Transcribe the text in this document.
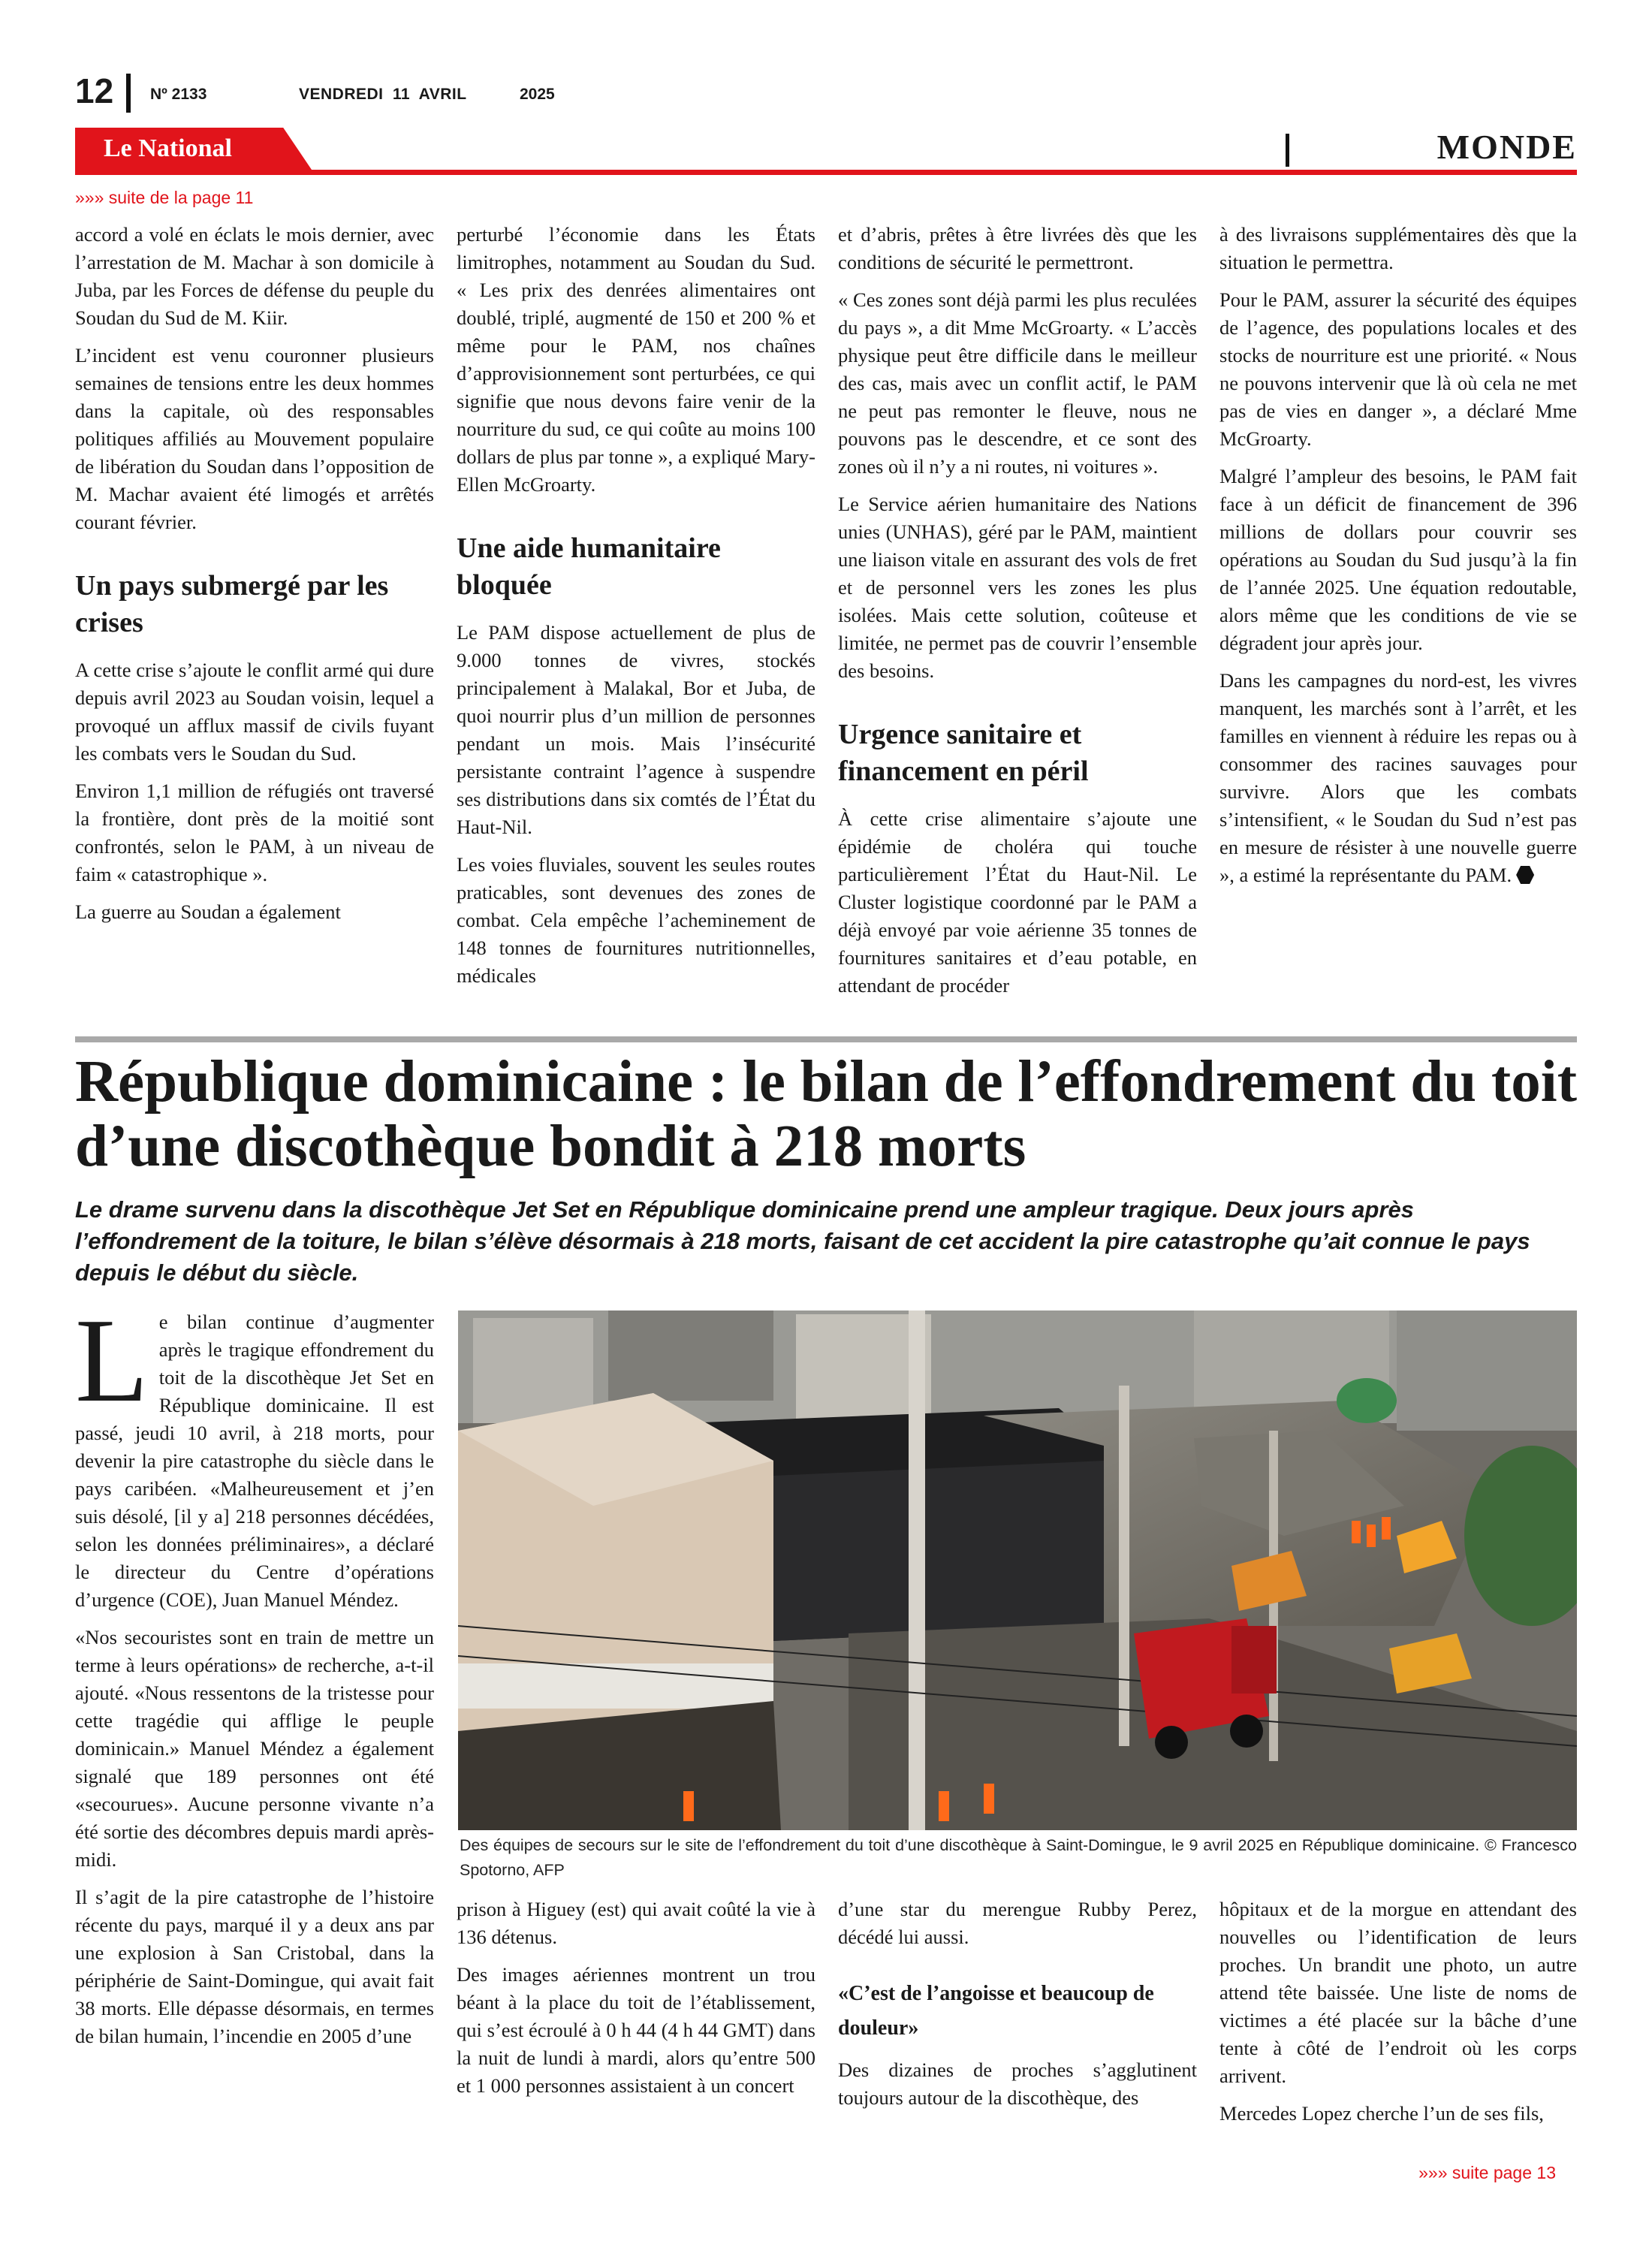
12 Nº 2133	VENDREDI 11 AVRIL	2025
Le National	MONDE
»»» suite de la page 11

accord a volé en éclats le mois dernier, avec l’arrestation de M. Machar à son domicile à Juba, par les Forces de défense du peuple du Soudan du Sud de M. Kiir.

L’incident est venu couronner plusieurs semaines de tensions entre les deux hommes dans la capitale, où des responsables politiques affiliés au Mouvement populaire de libération du Soudan dans l’opposition de M. Machar avaient été limogés et arrêtés courant février.

Un pays submergé par les crises

A cette crise s’ajoute le conflit armé qui dure depuis avril 2023 au Soudan voisin, lequel a provoqué un afflux massif de civils fuyant les combats vers le Soudan du Sud.

Environ 1,1 million de réfugiés ont traversé la frontière, dont près de la moitié sont confrontés, selon le PAM, à un niveau de faim « catastrophique ».

La guerre au Soudan a également

perturbé l’économie dans les États limitrophes, notamment au Soudan du Sud. « Les prix des denrées alimentaires ont doublé, triplé, augmenté de 150 et 200 % et même pour le PAM, nos chaînes d’approvisionnement sont perturbées, ce qui signifie que nous devons faire venir de la nourriture du sud, ce qui coûte au moins 100 dollars de plus par tonne », a expliqué Mary-Ellen McGroarty.

Une aide humanitaire bloquée

Le PAM dispose actuellement de plus de 9.000 tonnes de vivres, stockés principalement à Malakal, Bor et Juba, de quoi nourrir plus d’un million de personnes pendant un mois. Mais l’insécurité persistante contraint l’agence à suspendre ses distributions dans six comtés de l’État du Haut-Nil.

Les voies fluviales, souvent les seules routes praticables, sont devenues des zones de combat. Cela empêche l’acheminement de 148 tonnes de fournitures nutritionnelles, médicales

et d’abris, prêtes à être livrées dès que les conditions de sécurité le permettront.

« Ces zones sont déjà parmi les plus reculées du pays », a dit Mme McGroarty. « L’accès physique peut être difficile dans le meilleur des cas, mais avec un conflit actif, le PAM ne peut pas remonter le fleuve, nous ne pouvons pas le descendre, et ce sont des zones où il n’y a ni routes, ni voitures ».

Le Service aérien humanitaire des Nations unies (UNHAS), géré par le PAM, maintient une liaison vitale en assurant des vols de fret et de personnel vers les zones les plus isolées. Mais cette solution, coûteuse et limitée, ne permet pas de couvrir l’ensemble des besoins.

Urgence sanitaire et financement en péril

À cette crise alimentaire s’ajoute une épidémie de choléra qui touche particulièrement l’État du Haut-Nil. Le Cluster logistique coordonné par le PAM a déjà envoyé par voie aérienne 35 tonnes de fournitures sanitaires et d’eau potable, en attendant de procéder

à des livraisons supplémentaires dès que la situation le permettra.

Pour le PAM, assurer la sécurité des équipes de l’agence, des populations locales et des stocks de nourriture est une priorité. « Nous ne pouvons intervenir que là où cela ne met pas de vies en danger », a déclaré Mme McGroarty.

Malgré l’ampleur des besoins, le PAM fait face à un déficit de financement de 396 millions de dollars pour couvrir ses opérations au Soudan du Sud jusqu’à la fin de l’année 2025. Une équation redoutable, alors même que les conditions de vie se dégradent jour après jour.

Dans les campagnes du nord-est, les vivres manquent, les marchés sont à l’arrêt, et les familles en viennent à réduire les repas ou à consommer des racines sauvages pour survivre. Alors que les combats s’intensifient, « le Soudan du Sud n’est pas en mesure de résister à une nouvelle guerre », a estimé la représentante du PAM.

République dominicaine : le bilan de l’effondrement du toit d’une discothèque bondit à 218 morts
Le drame survenu dans la discothèque Jet Set en République dominicaine prend une ampleur tragique. Deux jours après l’effondrement de la toiture, le bilan s’élève désormais à 218 morts, faisant de cet accident la pire catastrophe qu’ait connue le pays depuis le début du siècle.

Le bilan continue d’augmenter après le tragique effondrement du toit de la discothèque Jet Set en République dominicaine. Il est passé, jeudi 10 avril, à 218 morts, pour devenir la pire catastrophe du siècle dans le pays caribéen. «Malheureusement et j’en suis désolé, [il y a] 218 personnes décédées, selon les données préliminaires», a déclaré le directeur du Centre d’opérations d’urgence (COE), Juan Manuel Méndez.

«Nos secouristes sont en train de mettre un terme à leurs opérations» de recherche, a-t-il ajouté. «Nous ressentons de la tristesse pour cette tragédie qui afflige le peuple dominicain.» Manuel Méndez a également signalé que 189 personnes ont été «secourues». Aucune personne vivante n’a été sortie des décombres depuis mardi après-midi.

Il s’agit de la pire catastrophe de l’histoire récente du pays, marqué il y a deux ans par une explosion à San Cristobal, dans la périphérie de Saint-Domingue, qui avait fait 38 morts. Elle dépasse désormais, en termes de bilan humain, l’incendie en 2005 d’une

Des équipes de secours sur le site de l’effondrement du toit d’une discothèque à Saint-Domingue, le 9 avril 2025 en République dominicaine. © Francesco Spotorno, AFP

prison à Higuey (est) qui avait coûté la vie à 136 détenus.

Des images aériennes montrent un trou béant à la place du toit de l’établissement, qui s’est écroulé à 0 h 44 (4 h 44 GMT) dans la nuit de lundi à mardi, alors qu’entre 500 et 1 000 personnes assistaient à un concert

d’une star du merengue Rubby Perez, décédé lui aussi.

«C’est de l’angoisse et beaucoup de douleur»

Des dizaines de proches s’agglutinent toujours autour de la discothèque, des

hôpitaux et de la morgue en attendant des nouvelles ou l’identification de leurs proches. Un brandit une photo, un autre attend tête baissée. Une liste de noms de victimes a été placée sur la bâche d’une tente à côté de l’endroit où les corps arrivent.

Mercedes Lopez cherche l’un de ses fils,

»»» suite page 13
